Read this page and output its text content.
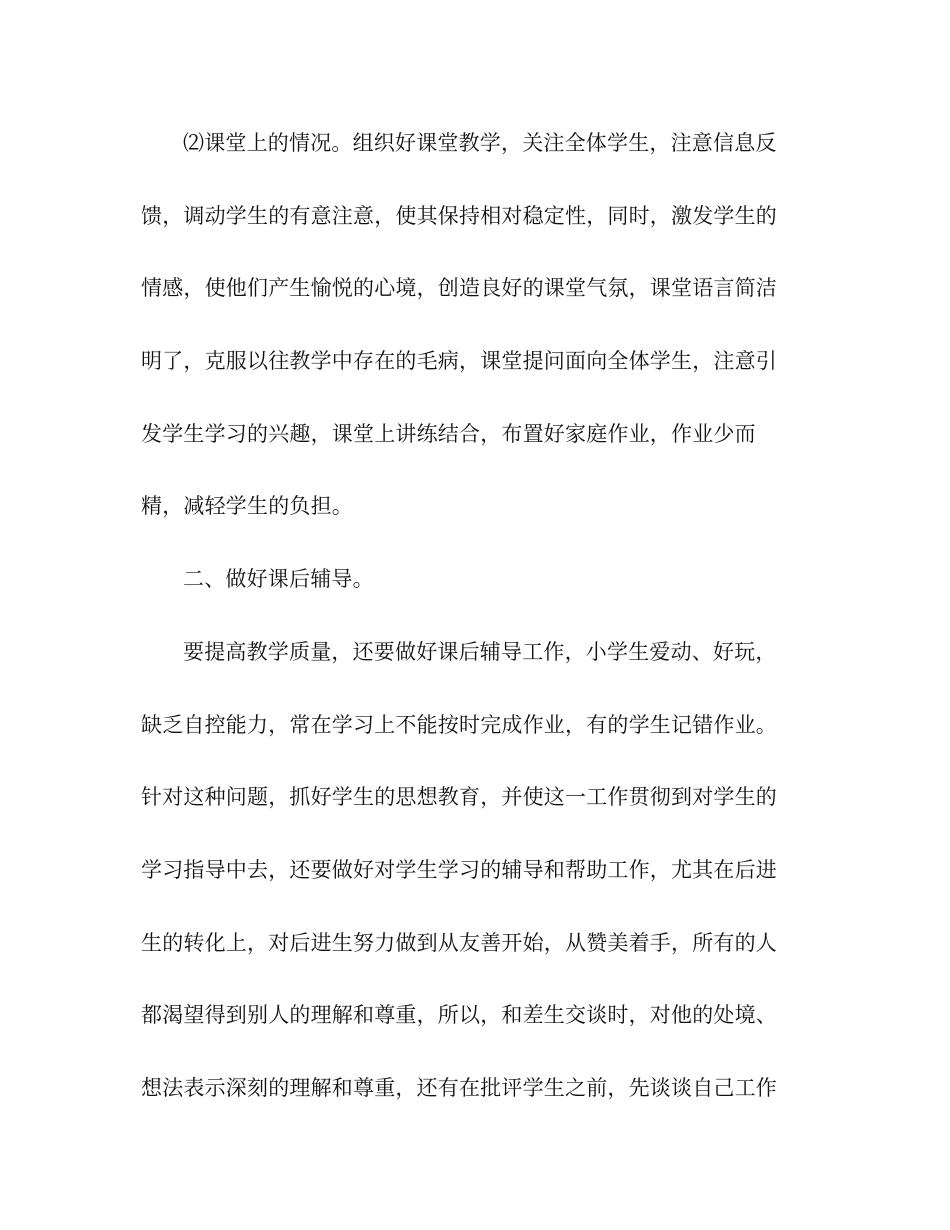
⑵课堂上的情况。组织好课堂教学，关注全体学生，注意信息反
馈，调动学生的有意注意，使其保持相对稳定性，同时，激发学生的
情感，使他们产生愉悦的心境，创造良好的课堂气氛，课堂语言简洁
明了，克服以往教学中存在的毛病，课堂提问面向全体学生，注意引
发学生学习的兴趣，课堂上讲练结合，布置好家庭作业，作业少而
精，减轻学生的负担。
二、做好课后辅导。
要提高教学质量，还要做好课后辅导工作，小学生爱动、好玩，
缺乏自控能力，常在学习上不能按时完成作业，有的学生记错作业。
针对这种问题，抓好学生的思想教育，并使这一工作贯彻到对学生的
学习指导中去，还要做好对学生学习的辅导和帮助工作，尤其在后进
生的转化上，对后进生努力做到从友善开始，从赞美着手，所有的人
都渴望得到别人的理解和尊重，所以，和差生交谈时，对他的处境、
想法表示深刻的理解和尊重，还有在批评学生之前，先谈谈自己工作
